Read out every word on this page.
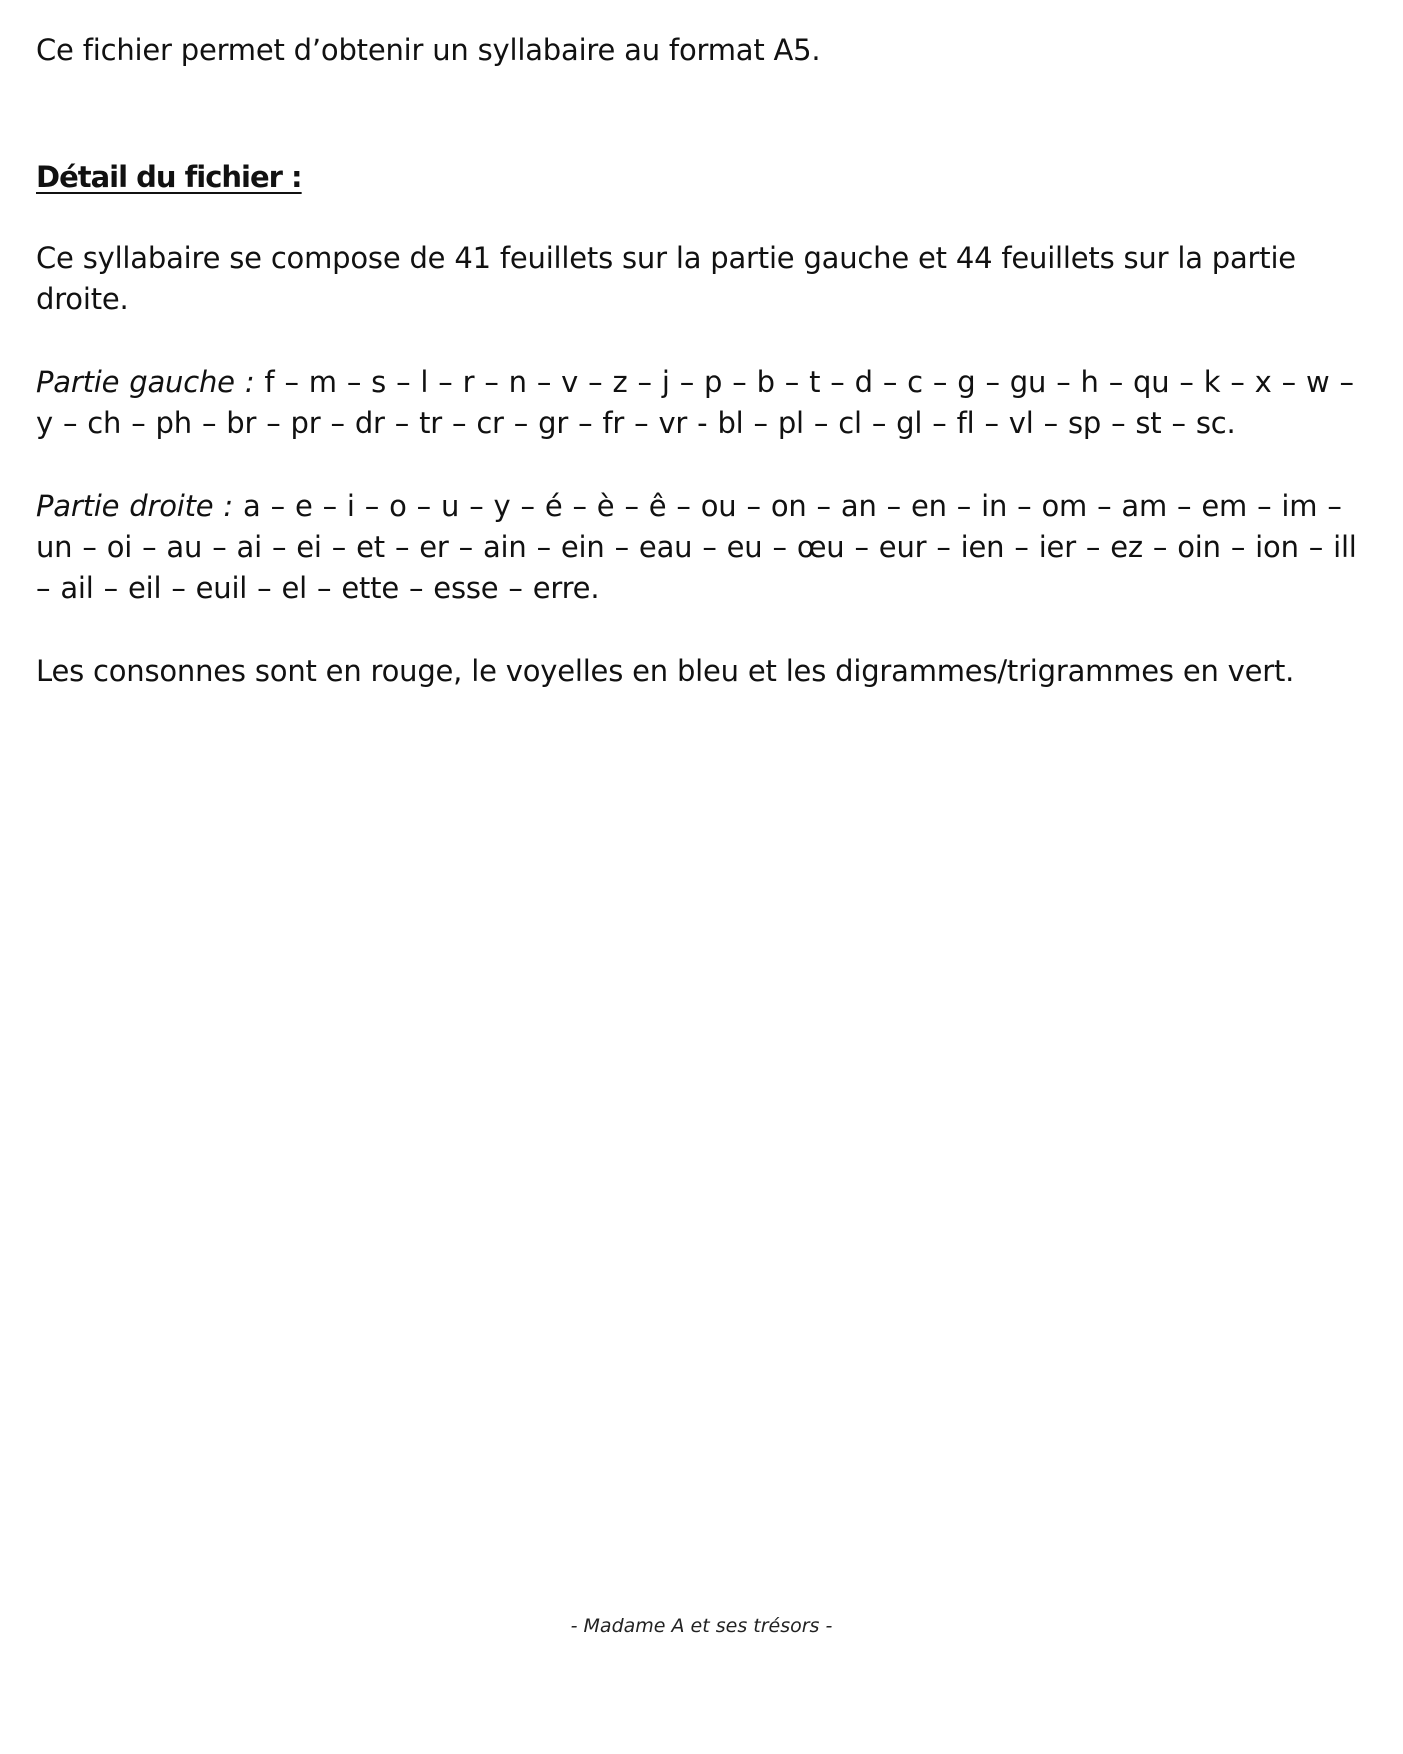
Ce fichier permet d’obtenir un syllabaire au format A5.

Détail du fichier :

Ce syllabaire se compose de 41 feuillets sur la partie gauche et 44 feuillets sur la partie droite.

Partie gauche : f – m – s – l – r – n – v – z – j – p – b – t – d – c – g – gu – h – qu – k – x – w – y – ch – ph – br – pr – dr – tr – cr – gr – fr – vr - bl – pl – cl – gl – fl – vl – sp – st – sc.

Partie droite : a – e – i – o – u – y – é – è – ê – ou – on – an – en – in – om – am – em – im – un – oi – au – ai – ei – et – er – ain – ein – eau – eu – œu – eur – ien – ier – ez – oin – ion – ill – ail – eil – euil – el – ette – esse – erre.

Les consonnes sont en rouge, le voyelles en bleu et les digrammes/trigrammes en vert.

- Madame A et ses trésors -
